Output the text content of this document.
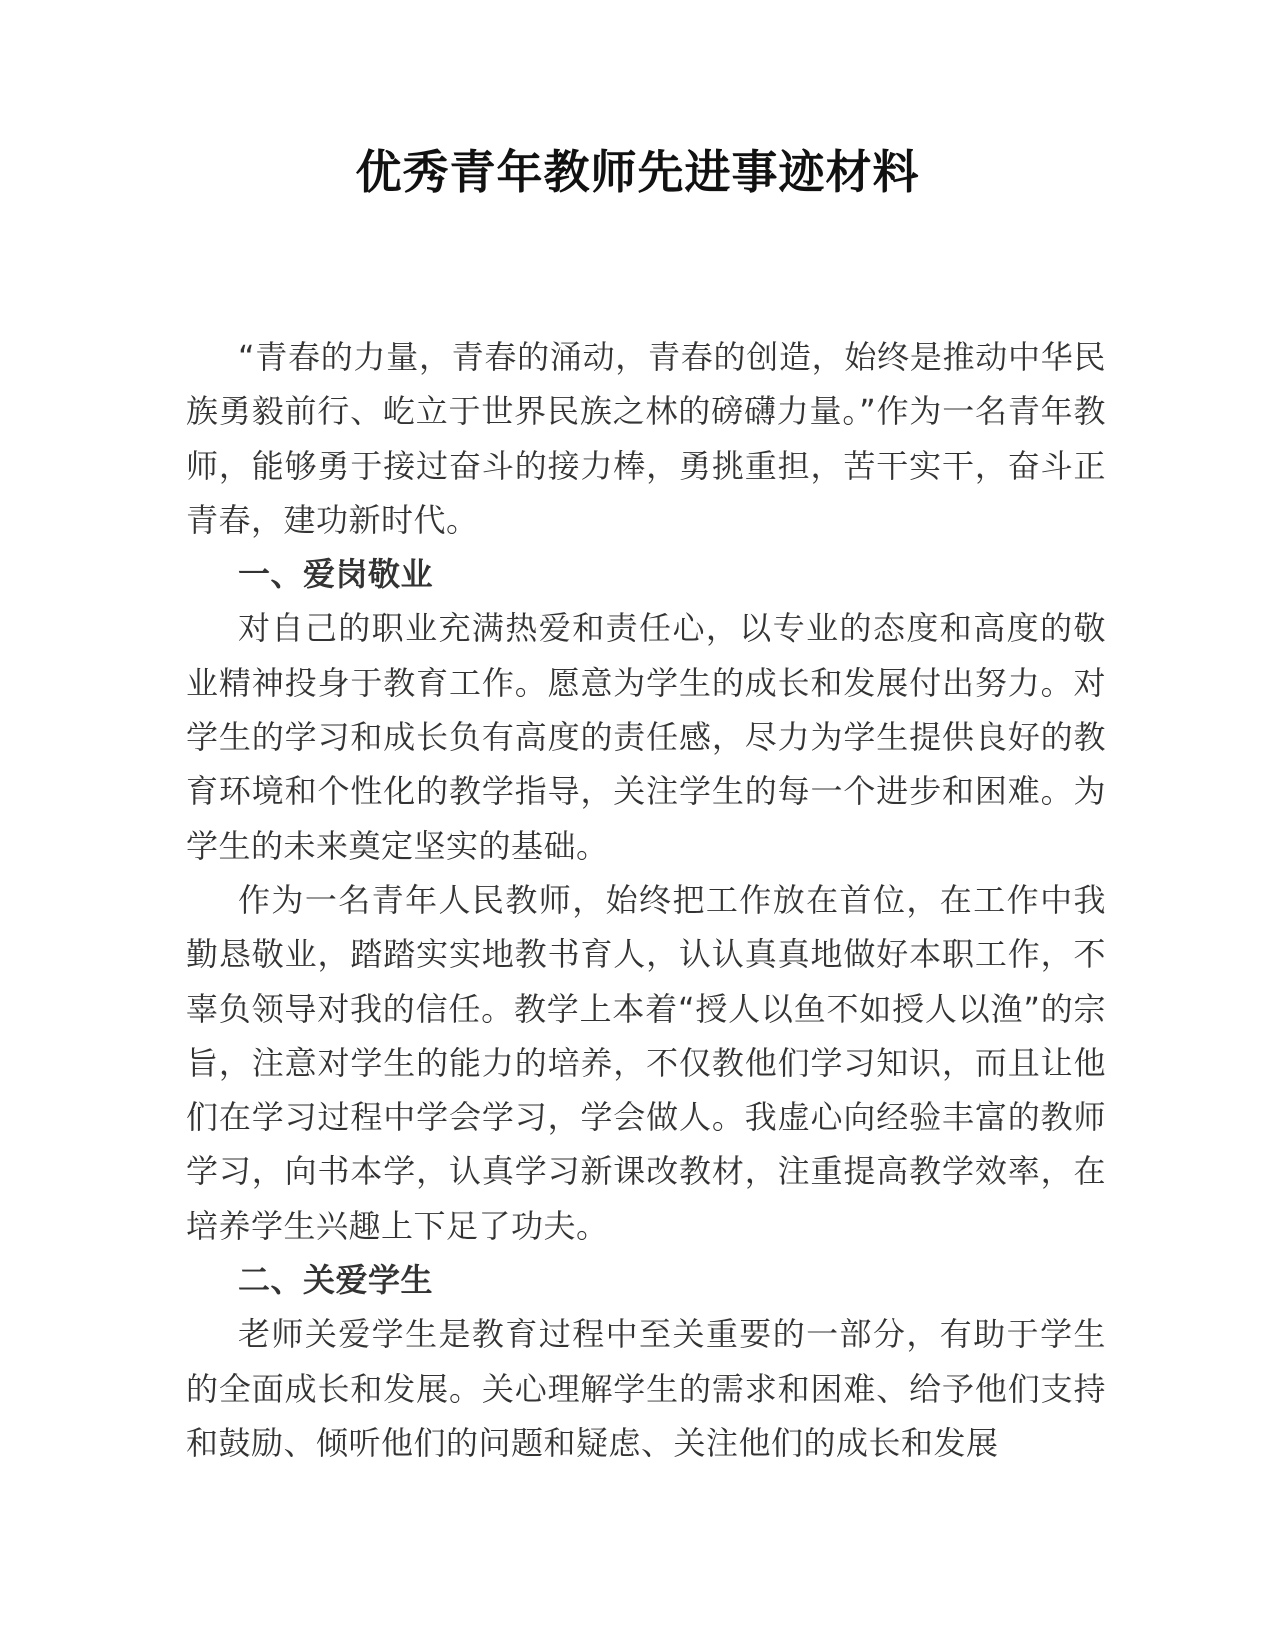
优秀青年教师先进事迹材料

“青春的力量，青春的涌动，青春的创造，始终是推动中华民族勇毅前行、屹立于世界民族之林的磅礴力量。”作为一名青年教师，能够勇于接过奋斗的接力棒，勇挑重担，苦干实干，奋斗正青春，建功新时代。

一、爱岗敬业

对自己的职业充满热爱和责任心，以专业的态度和高度的敬业精神投身于教育工作。愿意为学生的成长和发展付出努力。对学生的学习和成长负有高度的责任感，尽力为学生提供良好的教育环境和个性化的教学指导，关注学生的每一个进步和困难。为学生的未来奠定坚实的基础。

作为一名青年人民教师，始终把工作放在首位，在工作中我勤恳敬业，踏踏实实地教书育人，认认真真地做好本职工作，不辜负领导对我的信任。教学上本着“授人以鱼不如授人以渔”的宗旨，注意对学生的能力的培养，不仅教他们学习知识，而且让他们在学习过程中学会学习，学会做人。我虚心向经验丰富的教师学习，向书本学，认真学习新课改教材，注重提高教学效率，在培养学生兴趣上下足了功夫。

二、关爱学生

老师关爱学生是教育过程中至关重要的一部分，有助于学生的全面成长和发展。关心理解学生的需求和困难、给予他们支持和鼓励、倾听他们的问题和疑虑、关注他们的成长和发展
